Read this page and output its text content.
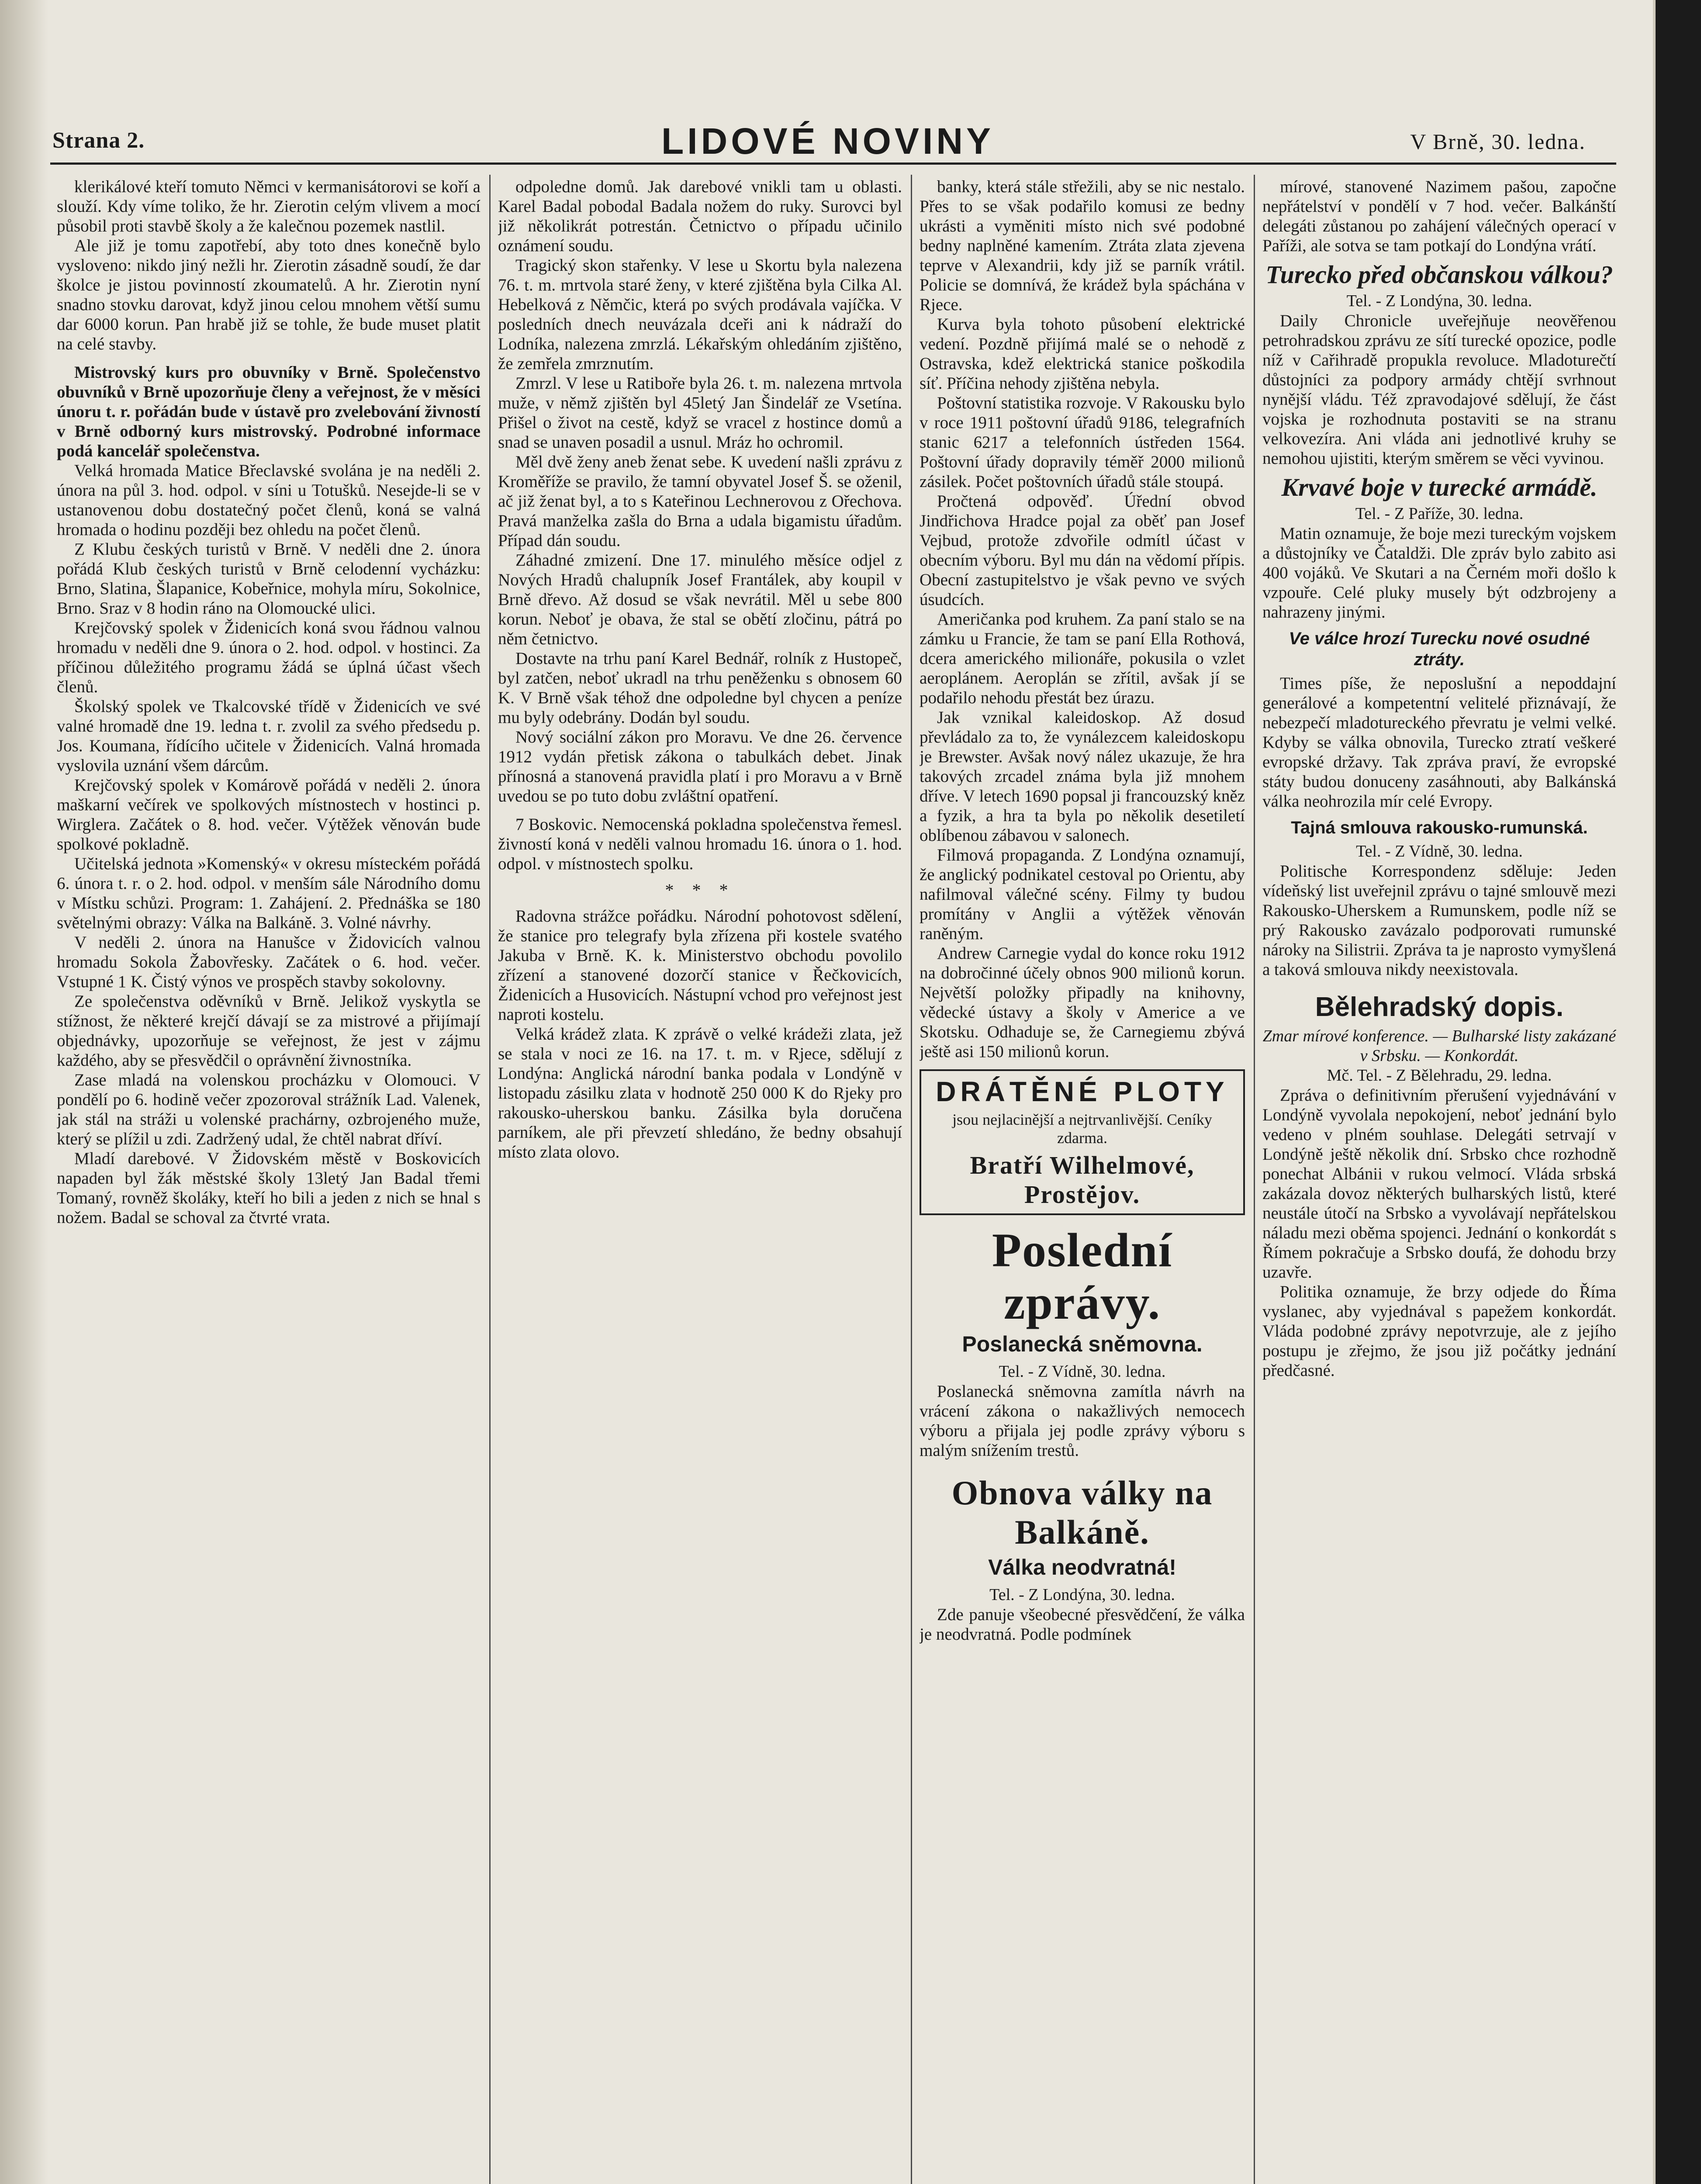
Strana 2.	LIDOVÉ NOVINY	V Brně, 30. ledna.

klerikálové kteří tomuto Němci v kermanisátorovi se koří a slouží. Kdy víme toliko, že hr. Zierotin celým vlivem a mocí působil proti stavbě školy a že kalečnou pozemek nastlil.

Ale již je tomu zapotřebí, aby toto dnes konečně bylo vysloveno: nikdo jiný nežli hr. Zierotin zásadně soudí, že dar školce je jistou povinností zkoumatelů. A hr. Zierotin nyní snadno stovku darovat, když jinou celou mnohem větší sumu dar 6000 korun. Pan hrabě již se tohle, že bude muset platit na celé stavby.

Mistrovský kurs pro obuvníky v Brně. Společenstvo obuvníků v Brně upozorňuje členy a veřejnost, že v měsíci únoru t. r. pořádán bude v ústavě pro zvelebování živností v Brně odborný kurs mistrovský. Podrobné informace podá kancelář společenstva.

Velká hromada Matice Břeclavské svolána je na neděli 2. února na půl 3. hod. odpol. v síni u Totušků. Nesejde-li se v ustanovenou dobu dostatečný počet členů, koná se valná hromada o hodinu později bez ohledu na počet členů.

Z Klubu českých turistů v Brně. V neděli dne 2. února pořádá Klub českých turistů v Brně celodenní vycházku: Brno, Slatina, Šlapanice, Kobeřnice, mohyla míru, Sokolnice, Brno. Sraz v 8 hodin ráno na Olomoucké ulici.

Krejčovský spolek v Židenicích koná svou řádnou valnou hromadu v neděli dne 9. února o 2. hod. odpol. v hostinci. Za příčinou důležitého programu žádá se úplná účast všech členů.

Školský spolek ve Tkalcovské třídě v Židenicích ve své valné hromadě dne 19. ledna t. r. zvolil za svého předsedu p. Jos. Koumana, řídícího učitele v Židenicích. Valná hromada vyslovila uznání všem dárcům.

Krejčovský spolek v Komárově pořádá v neděli 2. února maškarní večírek ve spolkových místnostech v hostinci p. Wirglera. Začátek o 8. hod. večer. Výtěžek věnován bude spolkové pokladně.

Učitelská jednota »Komenský« v okresu místeckém pořádá 6. února t. r. o 2. hod. odpol. v menším sále Národního domu v Místku schůzi. Program: 1. Zahájení. 2. Přednáška se 180 světelnými obrazy: Válka na Balkáně. 3. Volné návrhy.

V neděli 2. února na Hanušce v Židovicích valnou hromadu Sokola Žabovřesky. Začátek o 6. hod. večer. Vstupné 1 K. Čistý výnos ve prospěch stavby sokolovny.

Ze společenstva oděvníků v Brně. Jelikož vyskytla se stížnost, že některé krejčí dávají se za mistrové a přijímají objednávky, upozorňuje se veřejnost, že jest v zájmu každého, aby se přesvědčil o oprávnění živnostníka.

Zase mladá na volenskou procházku v Olomouci. V pondělí po 6. hodině večer zpozoroval strážník Lad. Valenek, jak stál na stráži u volenské prachárny, ozbrojeného muže, který se plížil u zdi. Zadržený udal, že chtěl nabrat dříví.

Mladí darebové. V Židovském městě v Boskovicích napaden byl žák městské školy 13letý Jan Badal třemi Tomaný, rovněž školáky, kteří ho bili a jeden z nich se hnal s nožem. Badal se schoval za čtvrté vrata.

odpoledne domů. Jak darebové vnikli tam u oblasti. Karel Badal pobodal Badala nožem do ruky. Surovci byl již několikrát potrestán. Četnictvo o případu učinilo oznámení soudu.

Tragický skon stařenky. V lese u Skortu byla nalezena 76. t. m. mrtvola staré ženy, v které zjištěna byla Cilka Al. Hebelková z Němčic, která po svých prodávala vajíčka. V posledních dnech neuvázala dceři ani k nádraží do Lodníka, nalezena zmrzlá. Lékařským ohledáním zjištěno, že zemřela zmrznutím.

Zmrzl. V lese u Ratiboře byla 26. t. m. nalezena mrtvola muže, v němž zjištěn byl 45letý Jan Šindelář ze Vsetína. Přišel o život na cestě, když se vracel z hostince domů a snad se unaven posadil a usnul. Mráz ho ochromil.

Měl dvě ženy aneb ženat sebe. K uvedení našli zprávu z Kroměříže se pravilo, že tamní obyvatel Josef Š. se oženil, ač již ženat byl, a to s Kateřinou Lechnerovou z Ořechova. Pravá manželka zašla do Brna a udala bigamistu úřadům. Případ dán soudu.

Záhadné zmizení. Dne 17. minulého měsíce odjel z Nových Hradů chalupník Josef Frantálek, aby koupil v Brně dřevo. Až dosud se však nevrátil. Měl u sebe 800 korun. Neboť je obava, že stal se obětí zločinu, pátrá po něm četnictvo.

Dostavte na trhu paní Karel Bednář, rolník z Hustopeč, byl zatčen, neboť ukradl na trhu peněženku s obnosem 60 K. V Brně však téhož dne odpoledne byl chycen a peníze mu byly odebrány. Dodán byl soudu.

Nový sociální zákon pro Moravu. Ve dne 26. července 1912 vydán přetisk zákona o tabulkách debet. Jinak přínosná a stanovená pravidla platí i pro Moravu a v Brně uvedou se po tuto dobu zvláštní opatření.

7 Boskovic. Nemocenská pokladna společenstva řemesl. živností koná v neděli valnou hromadu 16. února o 1. hod. odpol. v místnostech spolku.

* * *

Radovna strážce pořádku. Národní pohotovost sdělení, že stanice pro telegrafy byla zřízena při kostele svatého Jakuba v Brně. K. k. Ministerstvo obchodu povolilo zřízení a stanovené dozorčí stanice v Řečkovicích, Židenicích a Husovicích. Nástupní vchod pro veřejnost jest naproti kostelu.

Velká krádež zlata. K zprávě o velké krádeži zlata, jež se stala v noci ze 16. na 17. t. m. v Rjece, sdělují z Londýna: Anglická národní banka podala v Londýně v listopadu zásilku zlata v hodnotě 250 000 K do Rjeky pro rakousko-uherskou banku. Zásilka byla doručena parníkem, ale při převzetí shledáno, že bedny obsahují místo zlata olovo.

banky, která stále střežili, aby se nic nestalo. Přes to se však podařilo komusi ze bedny ukrásti a vyměniti místo nich své podobné bedny naplněné kamením. Ztráta zlata zjevena teprve v Alexandrii, kdy již se parník vrátil. Policie se domnívá, že krádež byla spáchána v Rjece.

Kurva byla tohoto působení elektrické vedení. Pozdně přijímá malé se o nehodě z Ostravska, kdež elektrická stanice poškodila síť. Příčina nehody zjištěna nebyla.

Poštovní statistika rozvoje. V Rakousku bylo v roce 1911 poštovní úřadů 9186, telegrafních stanic 6217 a telefonních ústředen 1564. Poštovní úřady dopravily téměř 2000 milionů zásilek. Počet poštovních úřadů stále stoupá.

Pročtená odpověď. Úřední obvod Jindřichova Hradce pojal za oběť pan Josef Vejbud, protože zdvořile odmítl účast v obecním výboru. Byl mu dán na vědomí přípis. Obecní zastupitelstvo je však pevno ve svých úsudcích.

Američanka pod kruhem. Za paní stalo se na zámku u Francie, že tam se paní Ella Rothová, dcera amerického milionáře, pokusila o vzlet aeroplánem. Aeroplán se zřítil, avšak jí se podařilo nehodu přestát bez úrazu.

Jak vznikal kaleidoskop. Až dosud převládalo za to, že vynálezcem kaleidoskopu je Brewster. Avšak nový nález ukazuje, že hra takových zrcadel známa byla již mnohem dříve. V letech 1690 popsal ji francouzský kněz a fyzik, a hra ta byla po několik desetiletí oblíbenou zábavou v salonech.

Filmová propaganda. Z Londýna oznamují, že anglický podnikatel cestoval po Orientu, aby nafilmoval válečné scény. Filmy ty budou promítány v Anglii a výtěžek věnován raněným.

Andrew Carnegie vydal do konce roku 1912 na dobročinné účely obnos 900 milionů korun. Největší položky připadly na knihovny, vědecké ústavy a školy v Americe a ve Skotsku. Odhaduje se, že Carnegiemu zbývá ještě asi 150 milionů korun.

DRÁTĚNÉ PLOTY
jsou nejlacinější a nejtrvanlivější. Ceníky zdarma.
Bratří Wilhelmové, Prostějov.
Poslední zprávy.
Poslanecká sněmovna.

Tel. - Z Vídně, 30. ledna.

Poslanecká sněmovna zamítla návrh na vrácení zákona o nakažlivých nemocech výboru a přijala jej podle zprávy výboru s malým snížením trestů.

Obnova války na Balkáně.
Válka neodvratná!

Tel. - Z Londýna, 30. ledna.

Zde panuje všeobecné přesvědčení, že válka je neodvratná. Podle podmínek

mírové, stanovené Nazimem pašou, započne nepřátelství v pondělí v 7 hod. večer. Balkánští delegáti zůstanou po zahájení válečných operací v Paříži, ale sotva se tam potkají do Londýna vrátí.

Turecko před občanskou válkou?

Tel. - Z Londýna, 30. ledna.

Daily Chronicle uveřejňuje neověřenou petrohradskou zprávu ze sítí turecké opozice, podle níž v Cařihradě propukla revoluce. Mladoturečtí důstojníci za podpory armády chtějí svrhnout nynější vládu. Též zpravodajové sdělují, že část vojska je rozhodnuta postaviti se na stranu velkovezíra. Ani vláda ani jednotlivé kruhy se nemohou ujistiti, kterým směrem se věci vyvinou.

Krvavé boje v turecké armádě.

Tel. - Z Paříže, 30. ledna.

Matin oznamuje, že boje mezi tureckým vojskem a důstojníky ve Čataldži. Dle zpráv bylo zabito asi 400 vojáků. Ve Skutari a na Černém moři došlo k vzpouře. Celé pluky musely být odzbrojeny a nahrazeny jinými.

Ve válce hrozí Turecku nové osudné ztráty.

Times píše, že neposlušní a nepoddajní generálové a kompetentní velitelé přiznávají, že nebezpečí mladotureckého převratu je velmi velké. Kdyby se válka obnovila, Turecko ztratí veškeré evropské državy. Tak zpráva praví, že evropské státy budou donuceny zasáhnouti, aby Balkánská válka neohrozila mír celé Evropy.

Tajná smlouva rakousko-rumunská.

Tel. - Z Vídně, 30. ledna.

Politische Korrespondenz sděluje: Jeden vídeňský list uveřejnil zprávu o tajné smlouvě mezi Rakousko-Uherskem a Rumunskem, podle níž se prý Rakousko zavázalo podporovati rumunské nároky na Silistrii. Zpráva ta je naprosto vymyšlená a taková smlouva nikdy neexistovala.

Bělehradský dopis.

Zmar mírové konference. — Bulharské listy zakázané v Srbsku. — Konkordát.

Mč. Tel. - Z Bělehradu, 29. ledna.

Zpráva o definitivním přerušení vyjednávání v Londýně vyvolala nepokojení, neboť jednání bylo vedeno v plném souhlase. Delegáti setrvají v Londýně ještě několik dní. Srbsko chce rozhodně ponechat Albánii v rukou velmocí. Vláda srbská zakázala dovoz některých bulharských listů, které neustále útočí na Srbsko a vyvolávají nepřátelskou náladu mezi oběma spojenci. Jednání o konkordát s Římem pokračuje a Srbsko doufá, že dohodu brzy uzavře.

Politika oznamuje, že brzy odjede do Říma vyslanec, aby vyjednával s papežem konkordát. Vláda podobné zprávy nepotvrzuje, ale z jejího postupu je zřejmo, že jsou již počátky jednání předčasné.
